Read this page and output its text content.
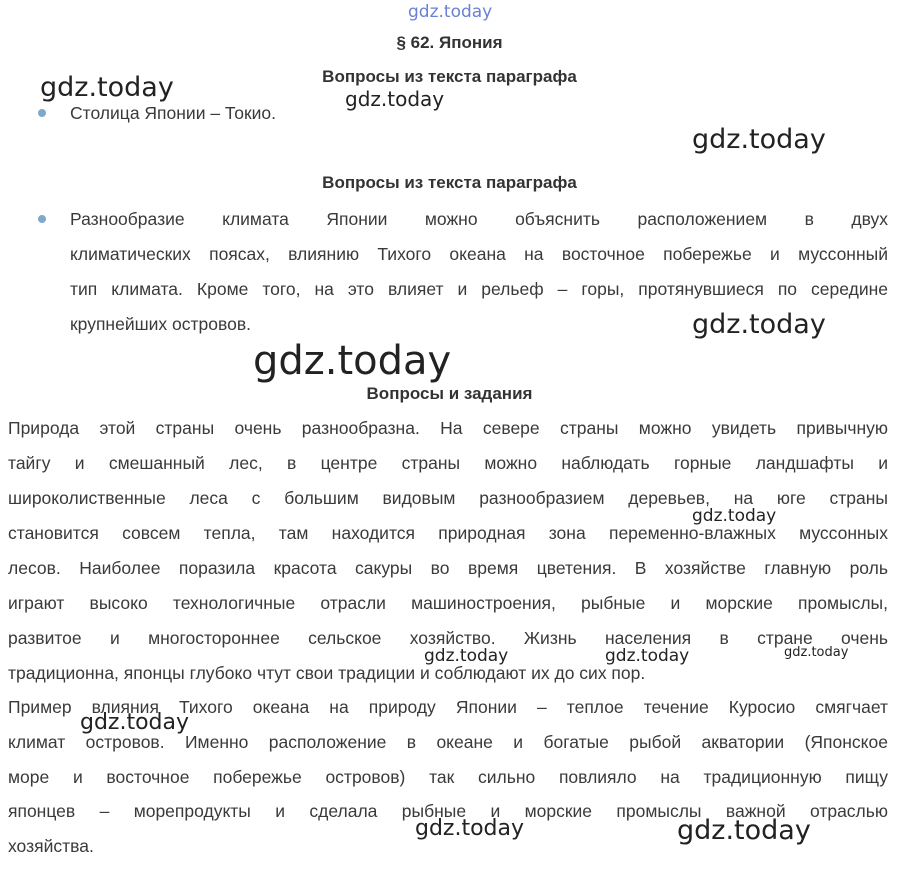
gdz.today
gdz.today	gdz.today
gdz.today
gdz.today
gdz.today
gdz.today
gdz.today	gdz.today	gdz.today
gdz.today
gdz.today	gdz.today
§ 62. Япония
Вопросы из текста параграфа
Столица Японии – Токио.
Вопросы из текста параграфа
Разнообразие климата Японии можно объяснить расположением в двух
климатических поясах, влиянию Тихого океана на восточное побережье и муссонный
тип климата. Кроме того, на это влияет и рельеф – горы, протянувшиеся по середине
крупнейших островов.
Вопросы и задания
Природа этой страны очень разнообразна. На севере страны можно увидеть привычную
тайгу и смешанный лес, в центре страны можно наблюдать горные ландшафты и
широколиственные леса с большим видовым разнообразием деревьев, на юге страны
становится совсем тепла, там находится природная зона переменно-влажных муссонных
лесов. Наиболее поразила красота сакуры во время цветения. В хозяйстве главную роль
играют высоко технологичные отрасли машиностроения, рыбные и морские промыслы,
развитое и многостороннее сельское хозяйство. Жизнь населения в стране очень
традиционна, японцы глубоко чтут свои традиции и соблюдают их до сих пор.
Пример влияния Тихого океана на природу Японии – теплое течение Куросио смягчает
климат островов. Именно расположение в океане и богатые рыбой акватории (Японское
море и восточное побережье островов) так сильно повлияло на традиционную пищу
японцев – морепродукты и сделала рыбные и морские промыслы важной отраслью
хозяйства.
